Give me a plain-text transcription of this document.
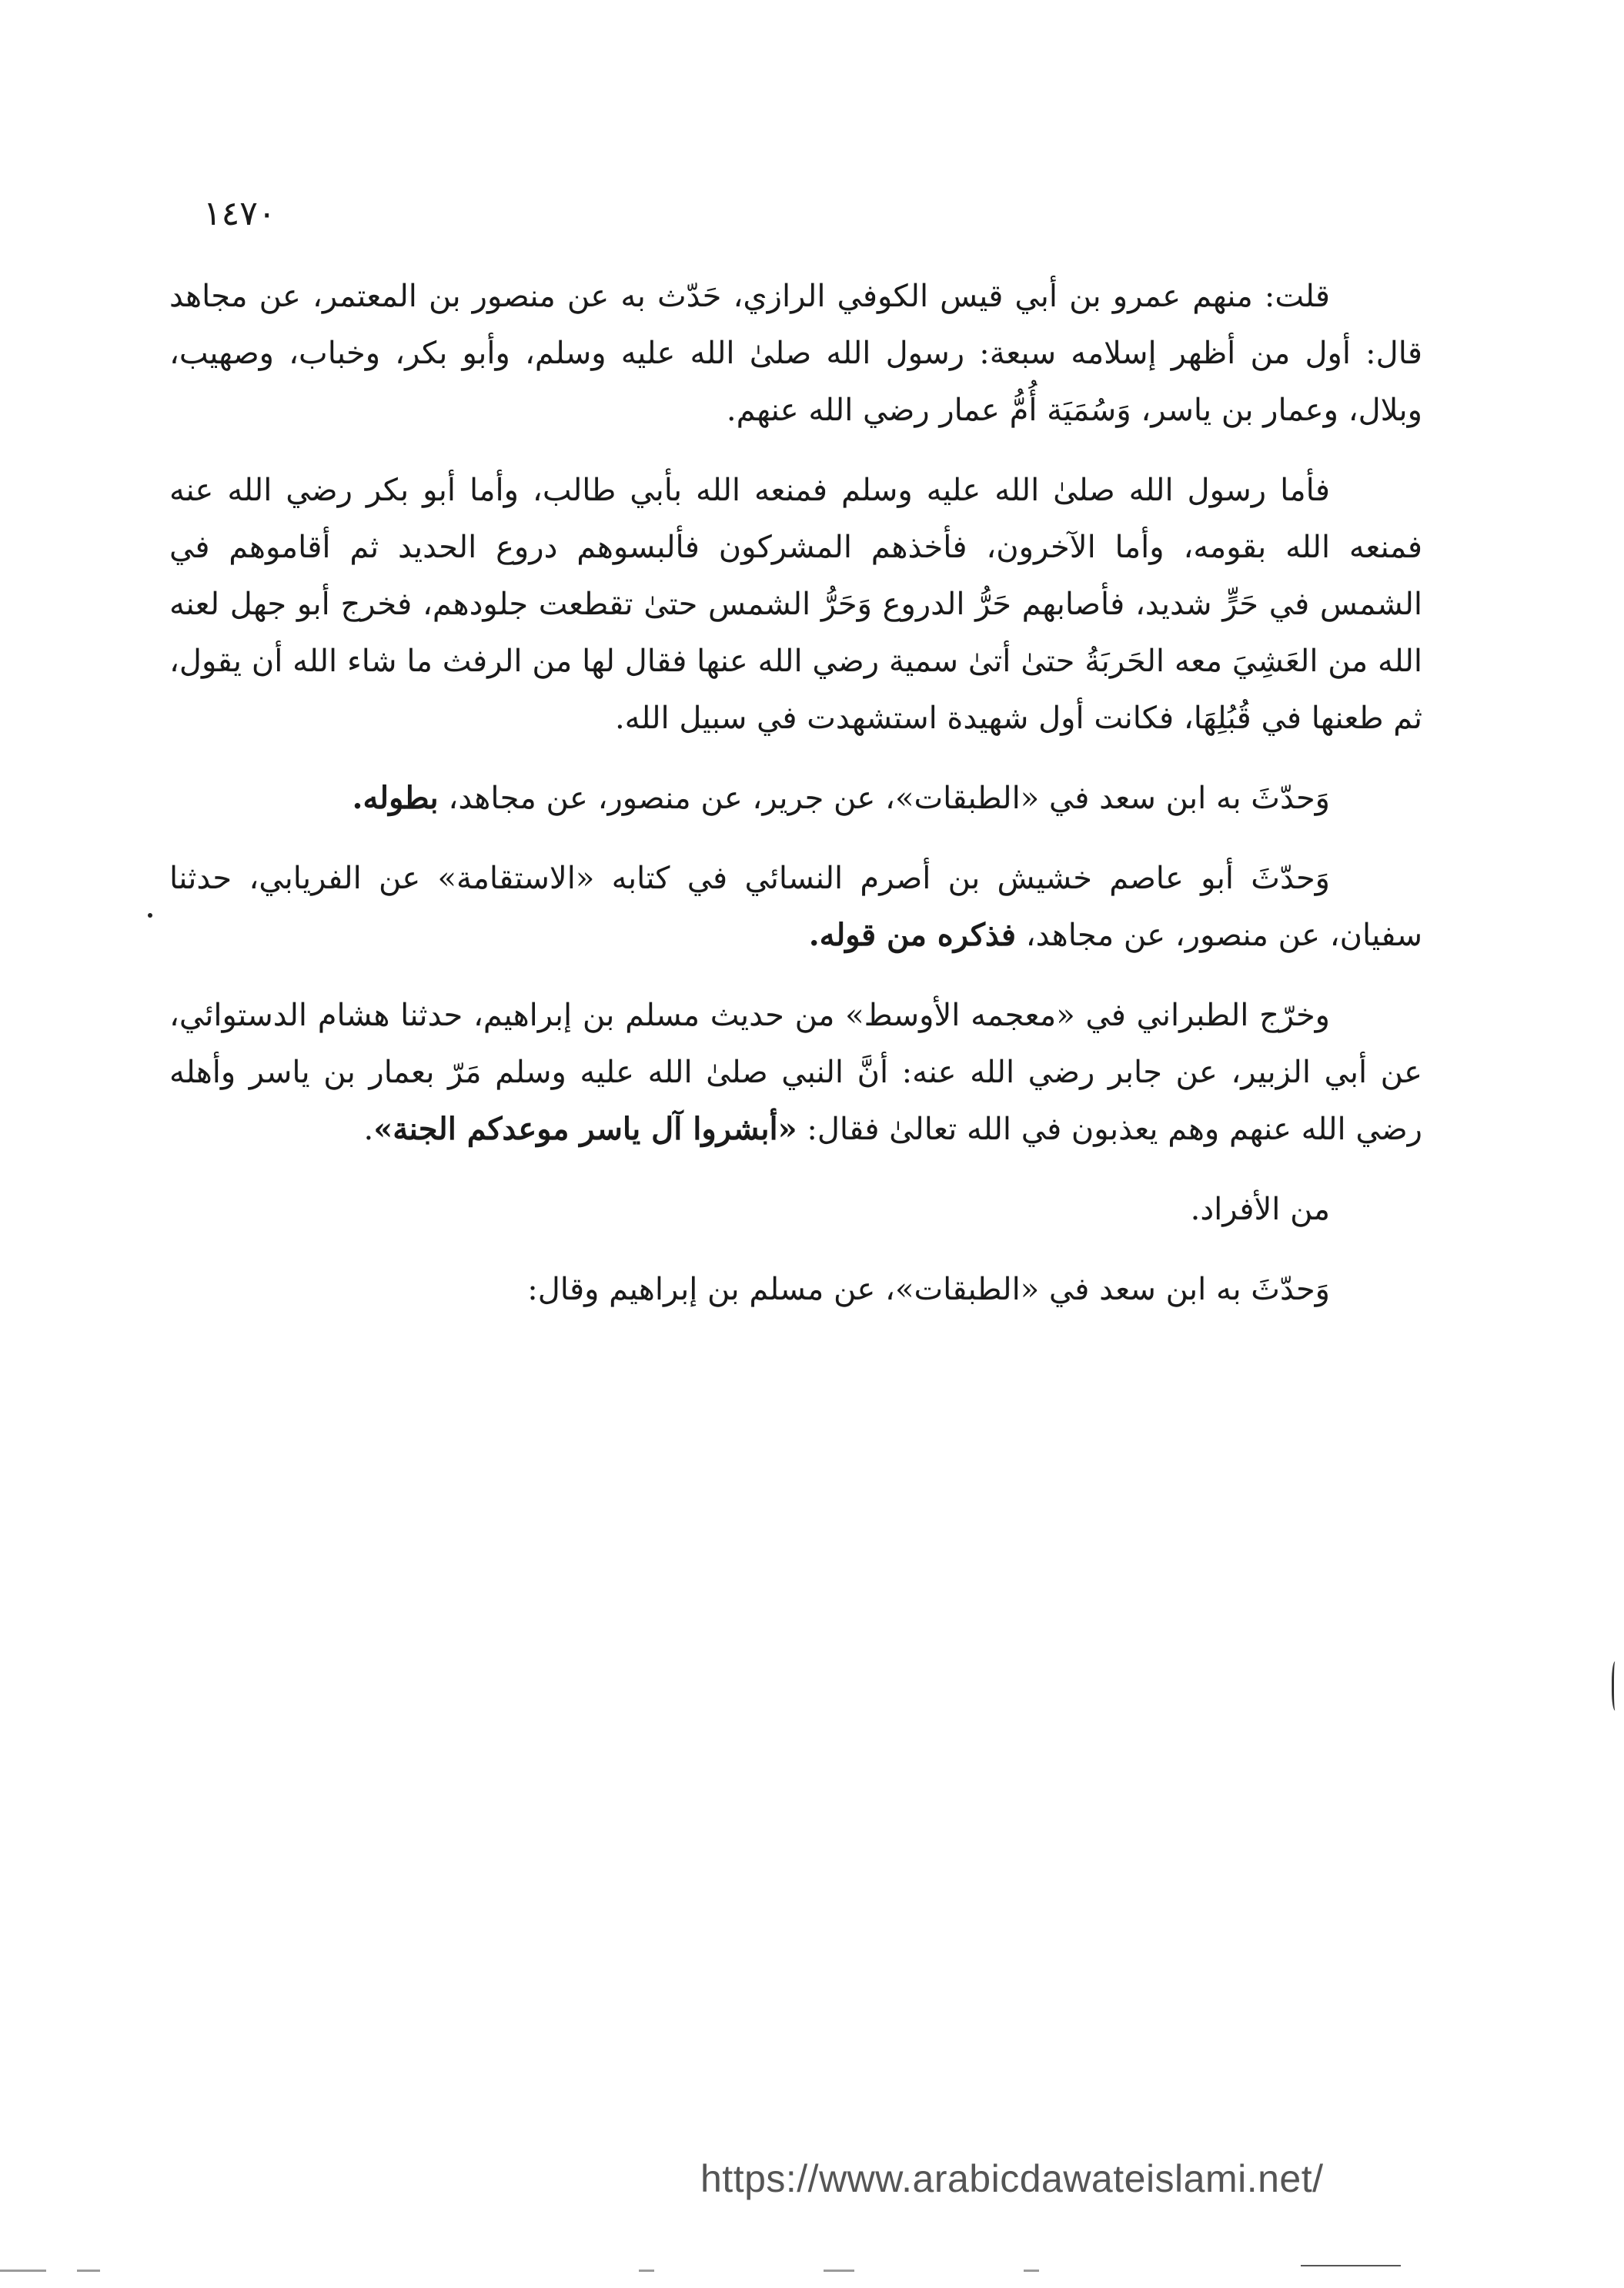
١٤٧٠

قلت: منهم عمرو بن أبي قيس الكوفي الرازي، حَدّث به عن منصور بن المعتمر، عن مجاهد قال: أول من أظهر إسلامه سبعة: رسول الله صلىٰ الله عليه وسلم، وأبو بكر، وخباب، وصهيب، وبلال، وعمار بن ياسر، وَسُمَيَة أُمُّ عمار رضي الله عنهم.

فأما رسول الله صلىٰ الله عليه وسلم فمنعه الله بأبي طالب، وأما أبو بكر رضي الله عنه فمنعه الله بقومه، وأما الآخرون، فأخذهم المشركون فألبسوهم دروع الحديد ثم أقاموهم في الشمس في حَرٍّ شديد، فأصابهم حَرُّ الدروع وَحَرُّ الشمس حتىٰ تقطعت جلودهم، فخرج أبو جهل لعنه الله من العَشِيَ معه الحَربَةُ حتىٰ أتىٰ سمية رضي الله عنها فقال لها من الرفث ما شاء الله أن يقول، ثم طعنها في قُبُلِهَا، فكانت أول شهيدة استشهدت في سبيل الله.

وَحدّثَ به ابن سعد في «الطبقات»، عن جرير، عن منصور، عن مجاهد، بطوله.

وَحدّثَ أبو عاصم خشيش بن أصرم النسائي في كتابه «الاستقامة» عن الفريابي، حدثنا سفيان، عن منصور، عن مجاهد، فذكره من قوله.

وخرّج الطبراني في «معجمه الأوسط» من حديث مسلم بن إبراهيم، حدثنا هشام الدستوائي، عن أبي الزبير، عن جابر رضي الله عنه: أنَّ النبي صلىٰ الله عليه وسلم مَرّ بعمار بن ياسر وأهله رضي الله عنهم وهم يعذبون في الله تعالىٰ فقال: «أبشروا آل ياسر موعدكم الجنة».

من الأفراد.

وَحدّثَ به ابن سعد في «الطبقات»، عن مسلم بن إبراهيم وقال:

https://www.arabicdawateislami.net/
